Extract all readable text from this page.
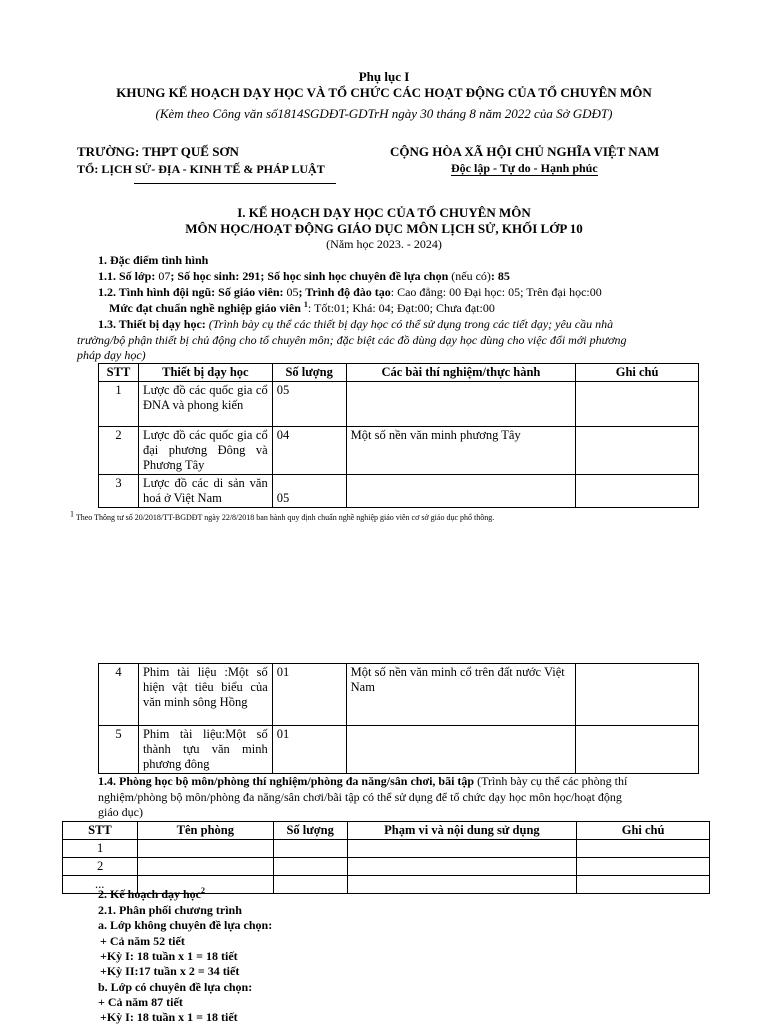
Phụ lục I
KHUNG KẾ HOẠCH DẠY HỌC VÀ TỔ CHỨC CÁC HOẠT ĐỘNG CỦA TỔ CHUYÊN MÔN
(Kèm theo Công văn số1814SGDĐT-GDTrH ngày 30 tháng 8 năm 2022 của Sở GDĐT)
TRƯỜNG: THPT QUẾ SƠN
TỔ: LỊCH SỬ- ĐỊA - KINH TẾ & PHÁP LUẬT
CỘNG HÒA XÃ HỘI CHỦ NGHĨA VIỆT NAM
Độc lập - Tự do - Hạnh phúc
I. KẾ HOẠCH DẠY HỌC CỦA TỔ CHUYÊN MÔN
MÔN HỌC/HOẠT ĐỘNG GIÁO DỤC MÔN LỊCH SỬ, KHỐI LỚP 10
(Năm học 2023. - 2024)
1. Đặc điểm tình hình
1.1. Số lớp: 07; Số học sinh: 291; Số học sinh học chuyên đề lựa chọn (nếu có): 85
1.2. Tình hình đội ngũ: Số giáo viên: 05; Trình độ đào tạo: Cao đẳng: 00 Đại học: 05; Trên đại học:00
Mức đạt chuẩn nghề nghiệp giáo viên $^1$: Tốt:01; Khá: 04; Đạt:00; Chưa đạt:00
1.3. Thiết bị dạy học: (Trình bày cụ thể các thiết bị dạy học có thể sử dụng trong các tiết dạy; yêu cầu nhà
trường/bộ phận thiết bị chủ động cho tổ chuyên môn; đặc biệt các đồ dùng dạy học dùng cho việc đổi mới phương
pháp dạy học)
STT	Thiết bị dạy học	Số lượng	Các bài thí nghiệm/thực hành	Ghi chú
1	Lược đồ các quốc gia cổ ĐNA và phong kiến	05		
2	Lược đồ các quốc gia cổ đại phương Đông và Phương Tây	04	Một số nền văn minh phương Tây	
3	Lược đồ các di sản văn hoá ở Việt Nam	05		
$^1$ Theo Thông tư số 20/2018/TT-BGDĐT ngày 22/8/2018 ban hành quy định chuẩn nghề nghiệp giáo viên cơ sở giáo dục phổ thông.
4	Phim tài liệu :Một số hiện vật tiêu biểu của văn minh sông Hồng	01	Một số nền văn minh cổ trên đất nước Việt Nam	
5	Phim tài liệu:Một số thành tựu văn minh phương đông	01		
1.4. Phòng học bộ môn/phòng thí nghiệm/phòng đa năng/sân chơi, bãi tập (Trình bày cụ thể các phòng thí
nghiệm/phòng bộ môn/phòng đa năng/sân chơi/bãi tập có thể sử dụng để tổ chức dạy học môn học/hoạt động
giáo dục)
STT	Tên phòng	Số lượng	Phạm vi và nội dung sử dụng	Ghi chú
1				
2				
...				
2. Kế hoạch dạy học$^2$
2.1. Phân phối chương trình
a. Lớp không chuyên đề lựa chọn:
+ Cả năm 52 tiết
+Kỳ I: 18 tuần x 1 = 18 tiết
+Kỳ II:17 tuần x 2 = 34 tiết
b. Lớp có chuyên đề lựa chọn:
+ Cả năm 87 tiết
+Kỳ I: 18 tuần x 1 = 18 tiết
